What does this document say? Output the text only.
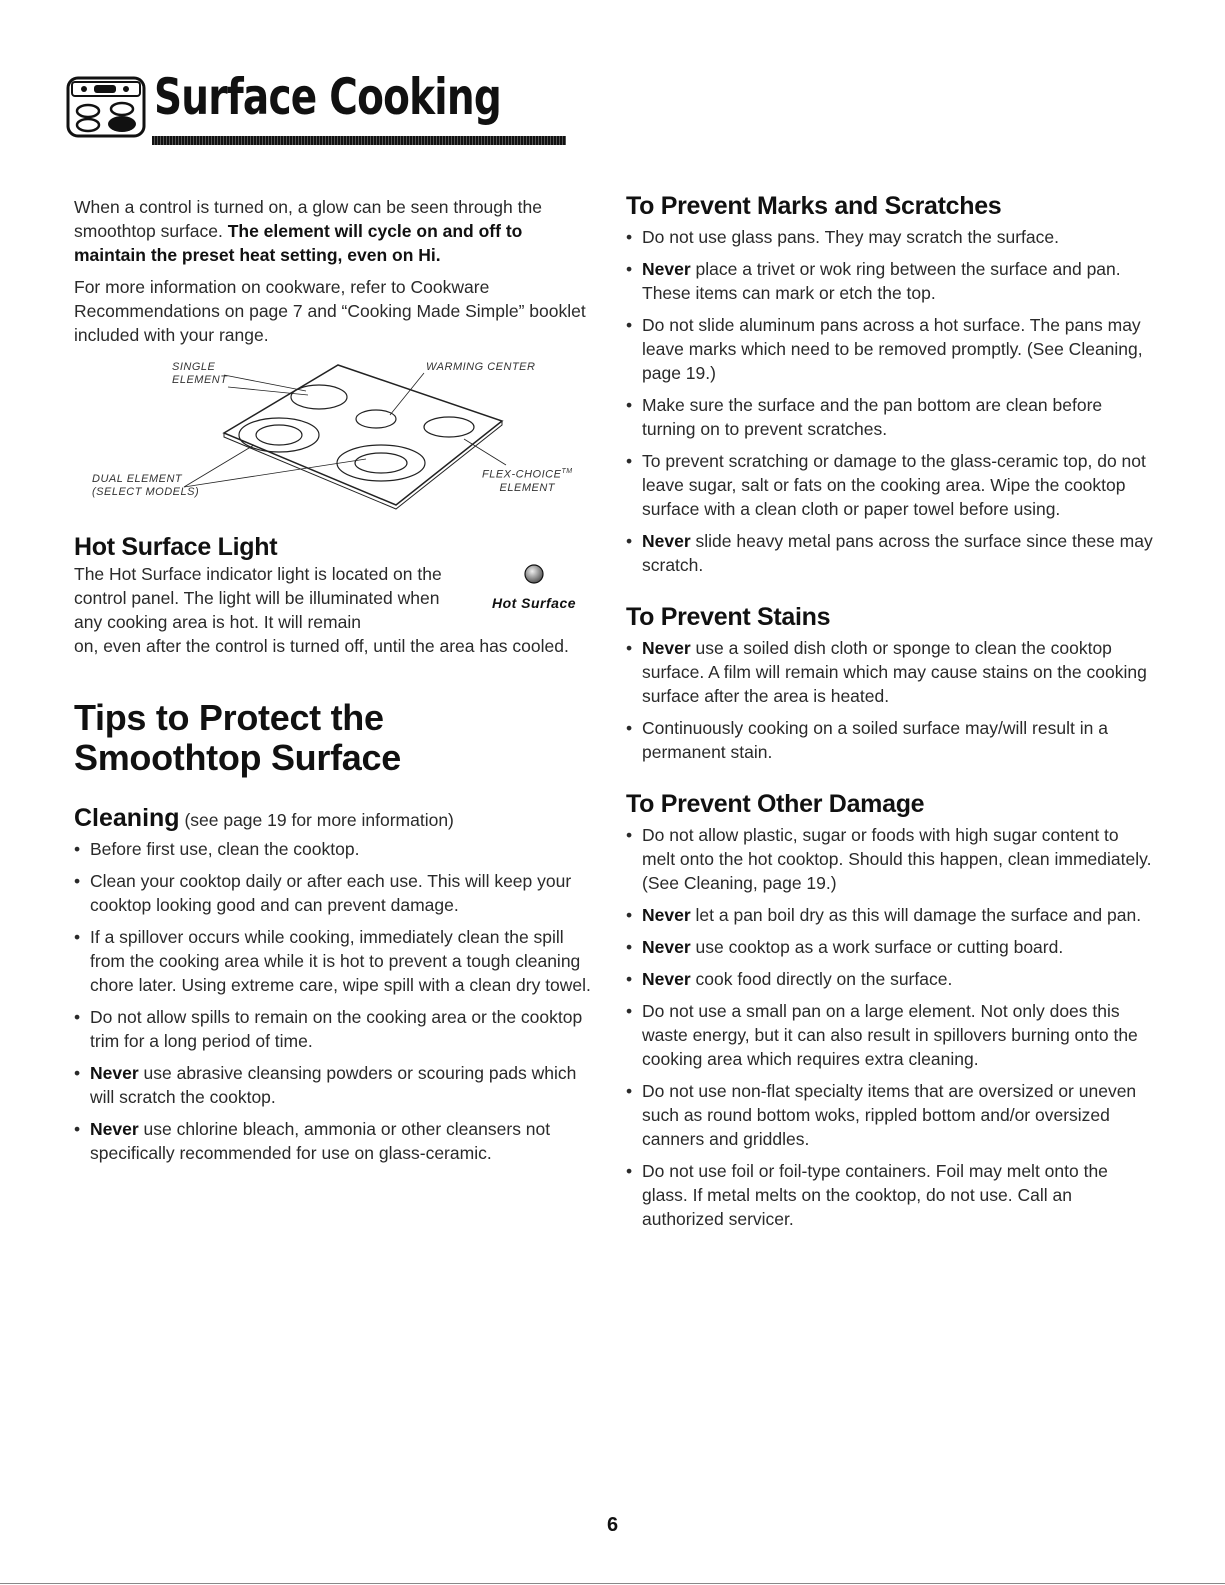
Surface Cooking

When a control is turned on, a glow can be seen through the smoothtop surface. The element will cycle on and off to maintain the preset heat setting, even on Hi.

For more information on cookware, refer to Cookware Recommendations on page 7 and “Cooking Made Simple” booklet included with your range.

SINGLE
ELEMENT
WARMING CENTER
DUAL ELEMENT
(SELECT MODELS)
FLEX-CHOICE™
ELEMENT
Hot Surface Light

The Hot Surface indicator light is located on the control panel. The light will be illuminated when any cooking area is hot. It will remain

on, even after the control is turned off, until the area has cooled.

Hot Surface
Tips to Protect the
Smoothtop Surface
Cleaning (see page 19 for more information)
• Before first use, clean the cooktop.
• Clean your cooktop daily or after each use. This will keep your cooktop looking good and can prevent damage.
• If a spillover occurs while cooking, immediately clean the spill from the cooking area while it is hot to prevent a tough cleaning chore later. Using extreme care, wipe spill with a clean dry towel.
• Do not allow spills to remain on the cooking area or the cooktop trim for a long period of time.
• Never use abrasive cleansing powders or scouring pads which will scratch the cooktop.
• Never use chlorine bleach, ammonia or other cleansers not specifically recommended for use on glass-ceramic.
To Prevent Marks and Scratches
• Do not use glass pans. They may scratch the surface.
• Never place a trivet or wok ring between the surface and pan. These items can mark or etch the top.
• Do not slide aluminum pans across a hot surface. The pans may leave marks which need to be removed promptly. (See Cleaning, page 19.)
• Make sure the surface and the pan bottom are clean before turning on to prevent scratches.
• To prevent scratching or damage to the glass-ceramic top, do not leave sugar, salt or fats on the cooking area. Wipe the cooktop surface with a clean cloth or paper towel before using.
• Never slide heavy metal pans across the surface since these may scratch.
To Prevent Stains
• Never use a soiled dish cloth or sponge to clean the cooktop surface. A film will remain which may cause stains on the cooking surface after the area is heated.
• Continuously cooking on a soiled surface may/will result in a permanent stain.
To Prevent Other Damage
• Do not allow plastic, sugar or foods with high sugar content to melt onto the hot cooktop. Should this happen, clean immediately. (See Cleaning, page 19.)
• Never let a pan boil dry as this will damage the surface and pan.
• Never use cooktop as a work surface or cutting board.
• Never cook food directly on the surface.
• Do not use a small pan on a large element. Not only does this waste energy, but it can also result in spillovers burning onto the cooking area which requires extra cleaning.
• Do not use non-flat specialty items that are oversized or uneven such as round bottom woks, rippled bottom and/or oversized canners and griddles.
• Do not use foil or foil-type containers. Foil may melt onto the glass. If metal melts on the cooktop, do not use. Call an authorized servicer.
6
